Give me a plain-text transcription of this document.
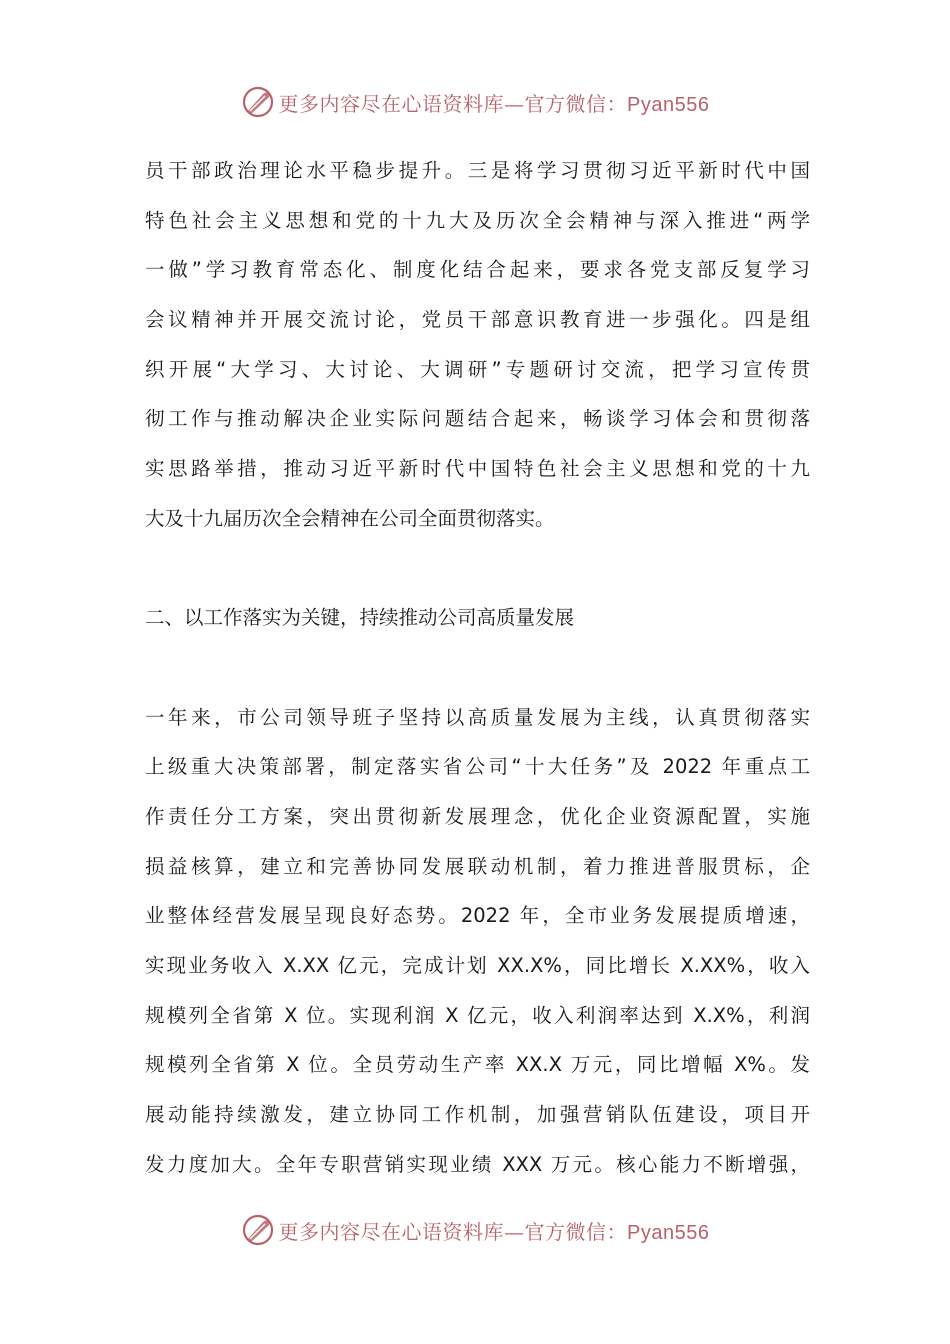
更多内容尽在心语资料库—官方微信：Pyan556
员干部政治理论水平稳步提升。三是将学习贯彻习近平新时代中国
特色社会主义思想和党的十九大及历次全会精神与深入推进“两学
一做”学习教育常态化、制度化结合起来，要求各党支部反复学习
会议精神并开展交流讨论，党员干部意识教育进一步强化。四是组
织开展“大学习、大讨论、大调研”专题研讨交流，把学习宣传贯
彻工作与推动解决企业实际问题结合起来，畅谈学习体会和贯彻落
实思路举措，推动习近平新时代中国特色社会主义思想和党的十九
大及十九届历次全会精神在公司全面贯彻落实。
二、以工作落实为关键，持续推动公司高质量发展
一年来，市公司领导班子坚持以高质量发展为主线，认真贯彻落实
上级重大决策部署，制定落实省公司“十大任务”及 2022 年重点工
作责任分工方案，突出贯彻新发展理念，优化企业资源配置，实施
损益核算，建立和完善协同发展联动机制，着力推进普服贯标，企
业整体经营发展呈现良好态势。2022 年，全市业务发展提质增速，
实现业务收入 X.XX 亿元，完成计划 XX.X%，同比增长 X.XX%，收入
规模列全省第 X 位。实现利润 X 亿元，收入利润率达到 X.X%，利润
规模列全省第 X 位。全员劳动生产率 XX.X 万元，同比增幅 X%。发
展动能持续激发，建立协同工作机制，加强营销队伍建设，项目开
发力度加大。全年专职营销实现业绩 XXX 万元。核心能力不断增强，
更多内容尽在心语资料库—官方微信：Pyan556
